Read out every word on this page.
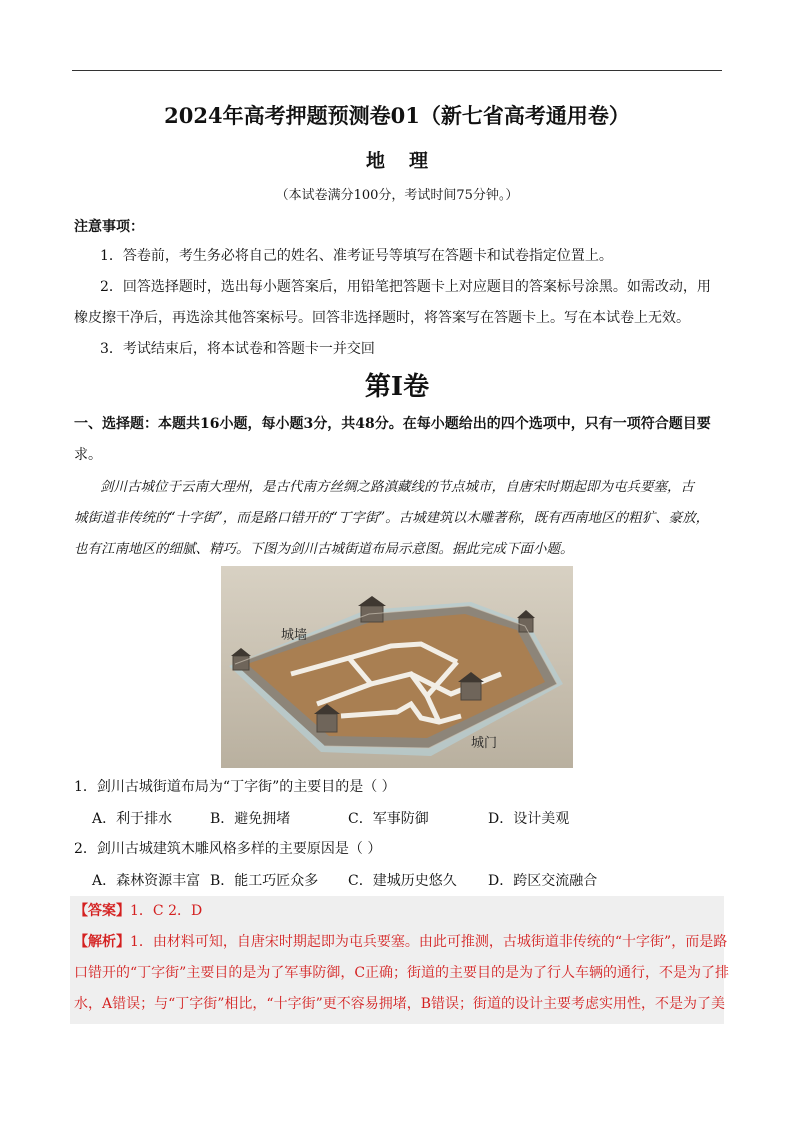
2024年高考押题预测卷01（新七省高考通用卷）
地理
（本试卷满分100分，考试时间75分钟。）
注意事项：
1．答卷前，考生务必将自己的姓名、准考证号等填写在答题卡和试卷指定位置上。
2．回答选择题时，选出每小题答案后，用铅笔把答题卡上对应题目的答案标号涂黑。如需改动，用
橡皮擦干净后，再选涂其他答案标号。回答非选择题时，将答案写在答题卡上。写在本试卷上无效。
3．考试结束后，将本试卷和答题卡一并交回
第Ⅰ卷
一、选择题：本题共16小题，每小题3分，共48分。在每小题给出的四个选项中，只有一项符合题目要
求。
剑川古城位于云南大理州，是古代南方丝绸之路滇藏线的节点城市，自唐宋时期起即为屯兵要塞，古
城街道非传统的“十字街”，而是路口错开的“丁字街”。古城建筑以木雕著称，既有西南地区的粗犷、豪放，
也有江南地区的细腻、精巧。下图为剑川古城街道布局示意图。据此完成下面小题。
城墙
城门
1．剑川古城街道布局为“丁字街”的主要目的是（ ）
A．利于排水	B．避免拥堵	C．军事防御	D．设计美观
2．剑川古城建筑木雕风格多样的主要原因是（ ）
A．森林资源丰富 B．能工巧匠众多 C．建城历史悠久 D．跨区交流融合
【答案】1．C 2．D
【解析】1．由材料可知，自唐宋时期起即为屯兵要塞。由此可推测，古城街道非传统的“十字街”，而是路
口错开的“丁字街”主要目的是为了军事防御，C正确；街道的主要目的是为了行人车辆的通行，不是为了排
水，A错误；与“丁字街”相比，“十字街”更不容易拥堵，B错误；街道的设计主要考虑实用性，不是为了美
